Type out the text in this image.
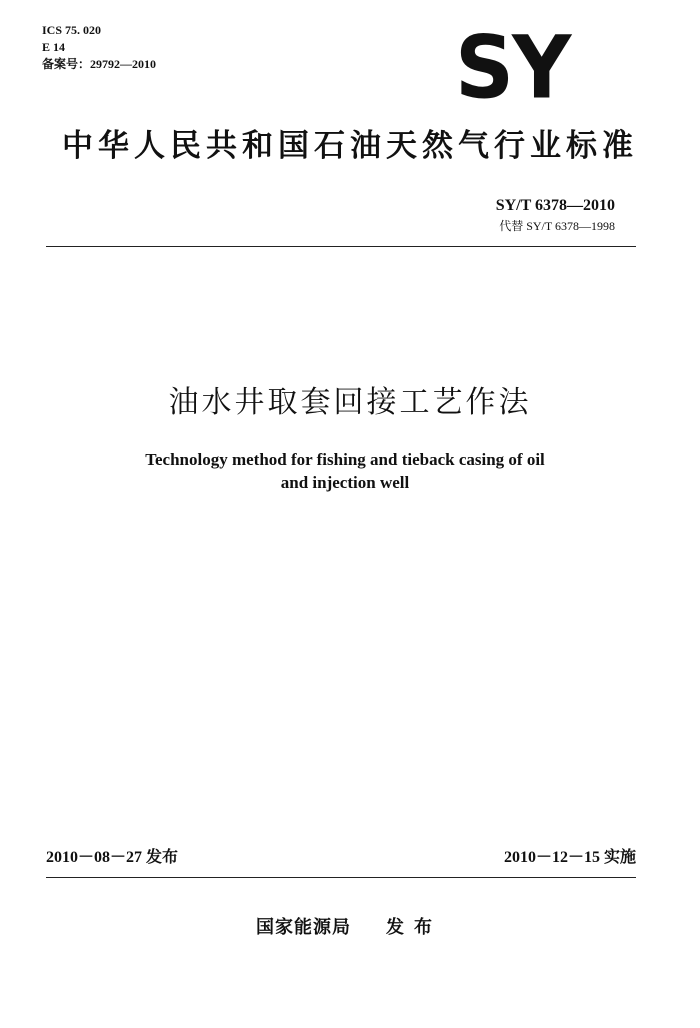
ICS 75. 020
E 14
备案号：29792—2010	SY
中华人民共和国石油天然气行业标准
SY/T 6378—2010
代替 SY/T 6378—1998
油水井取套回接工艺作法
Technology method for fishing and tieback casing of oil
and injection well
2010－08－27 发布	2010－12－15 实施
国家能源局 发布
